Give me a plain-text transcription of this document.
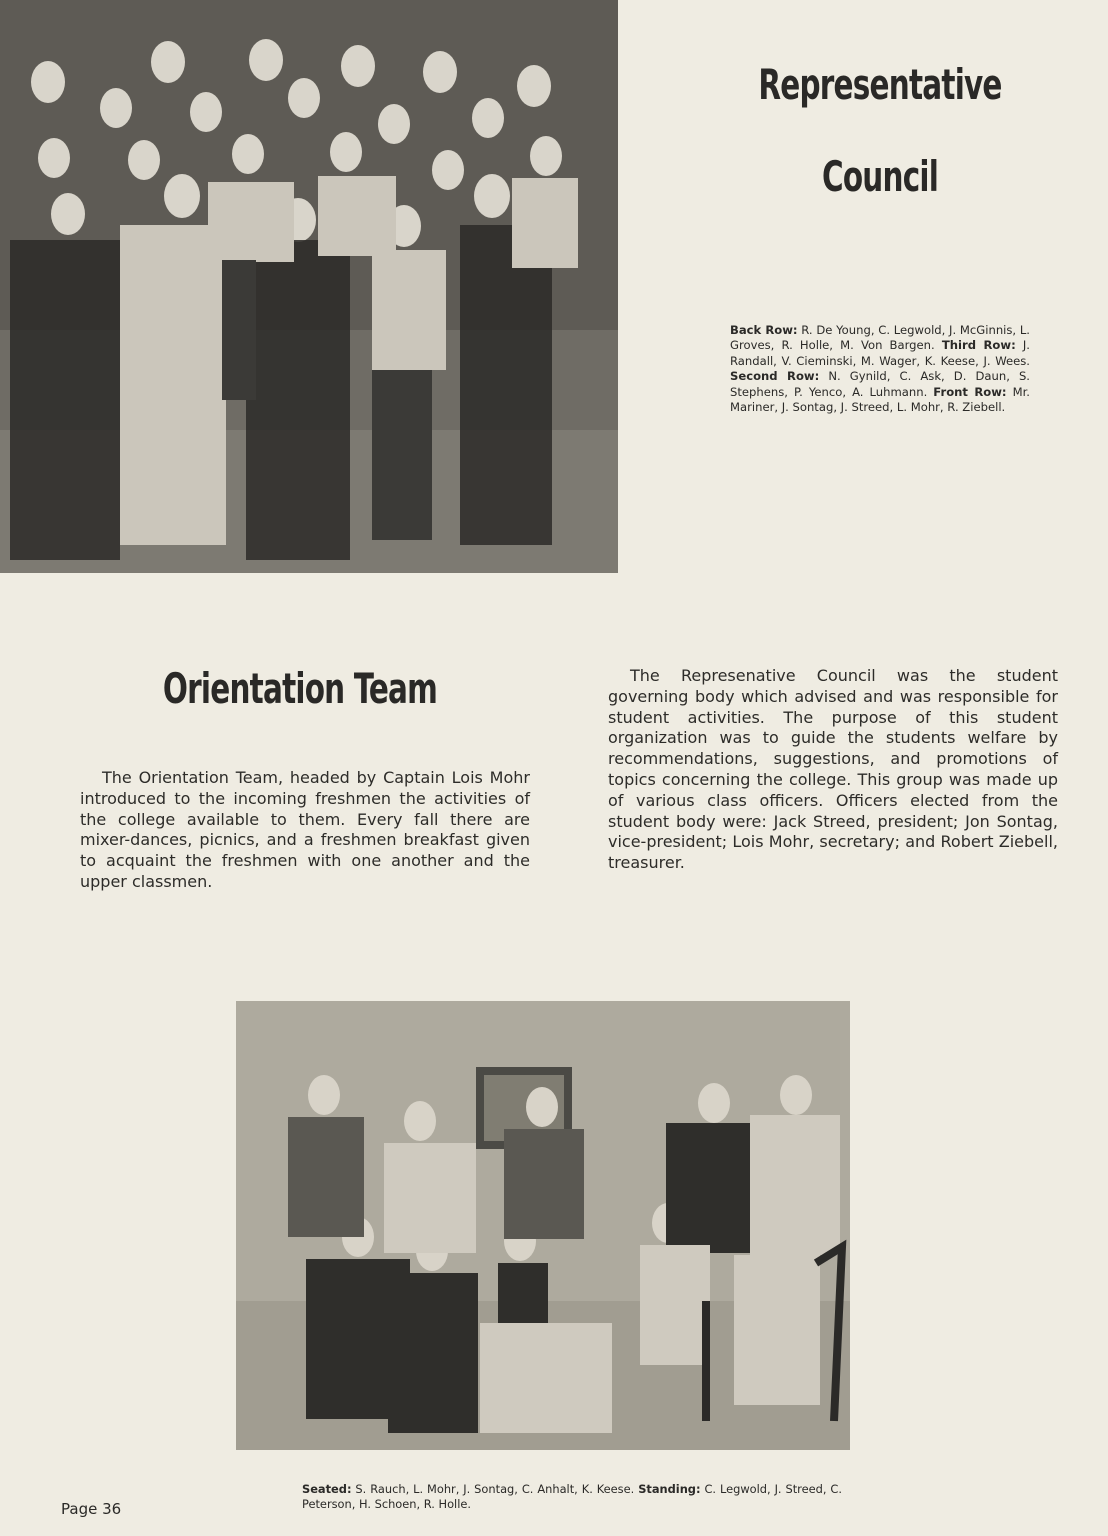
Representative
Council
Back Row: R. De Young, C. Legwold, J. McGinnis, L. Groves, R. Holle, M. Von Bargen. Third Row: J. Randall, V. Cieminski, M. Wager, K. Keese, J. Wees. Second Row: N. Gynild, C. Ask, D. Daun, S. Stephens, P. Yenco, A. Luhmann. Front Row: Mr. Mariner, J. Sontag, J. Streed, L. Mohr, R. Ziebell.
Orientation Team

The Orientation Team, headed by Captain Lois Mohr introduced to the incoming freshmen the activities of the college available to them. Every fall there are mixer-dances, picnics, and a freshmen breakfast given to acquaint the freshmen with one another and the upper classmen.

The Represenative Council was the student governing body which advised and was responsible for student activities. The purpose of this student organization was to guide the students welfare by recommendations, suggestions, and promotions of topics concerning the college. This group was made up of various class officers. Officers elected from the student body were: Jack Streed, president; Jon Sontag, vice-president; Lois Mohr, secretary; and Robert Ziebell, treasurer.

Seated: S. Rauch, L. Mohr, J. Sontag, C. Anhalt, K. Keese. Standing: C. Legwold, J. Streed, C. Peterson, H. Schoen, R. Holle.
Page 36
